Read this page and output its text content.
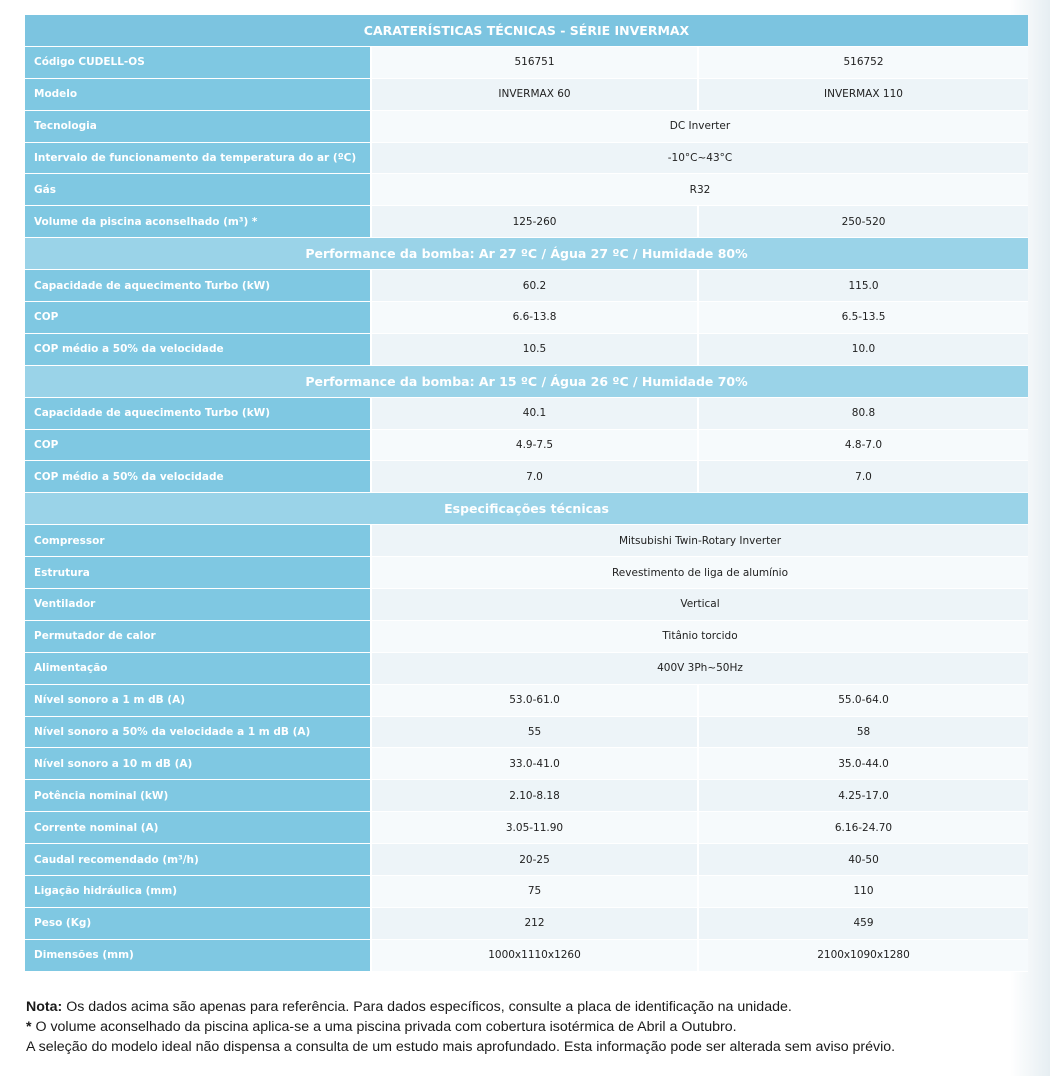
CARATERÍSTICAS TÉCNICAS - SÉRIE INVERMAX		
Código CUDELL-OS	516751	516752
Modelo	INVERMAX 60	INVERMAX 110
Tecnologia	DC Inverter	
Intervalo de funcionamento da temperatura do ar (ºC)	-10°C~43°C	
Gás	R32	
Volume da piscina aconselhado (m³) *	125-260	250-520
Performance da bomba: Ar 27 ºC / Água 27 ºC / Humidade 80%		
Capacidade de aquecimento Turbo (kW)	60.2	115.0
COP	6.6-13.8	6.5-13.5
COP médio a 50% da velocidade	10.5	10.0
Performance da bomba: Ar 15 ºC / Água 26 ºC / Humidade 70%		
Capacidade de aquecimento Turbo (kW)	40.1	80.8
COP	4.9-7.5	4.8-7.0
COP médio a 50% da velocidade	7.0	7.0
Especificações técnicas		
Compressor	Mitsubishi Twin-Rotary Inverter	
Estrutura	Revestimento de liga de alumínio	
Ventilador	Vertical	
Permutador de calor	Titânio torcido	
Alimentação	400V 3Ph~50Hz	
Nível sonoro a 1 m dB (A)	53.0-61.0	55.0-64.0
Nível sonoro a 50% da velocidade a 1 m dB (A)	55	58
Nível sonoro a 10 m dB (A)	33.0-41.0	35.0-44.0
Potência nominal (kW)	2.10-8.18	4.25-17.0
Corrente nominal (A)	3.05-11.90	6.16-24.70
Caudal recomendado (m³/h)	20-25	40-50
Ligação hidráulica (mm)	75	110
Peso (Kg)	212	459
Dimensões (mm)	1000x1110x1260	2100x1090x1280
Nota: Os dados acima são apenas para referência. Para dados específicos, consulte a placa de identificação na unidade.
* O volume aconselhado da piscina aplica-se a uma piscina privada com cobertura isotérmica de Abril a Outubro.
A seleção do modelo ideal não dispensa a consulta de um estudo mais aprofundado. Esta informação pode ser alterada sem aviso prévio.
